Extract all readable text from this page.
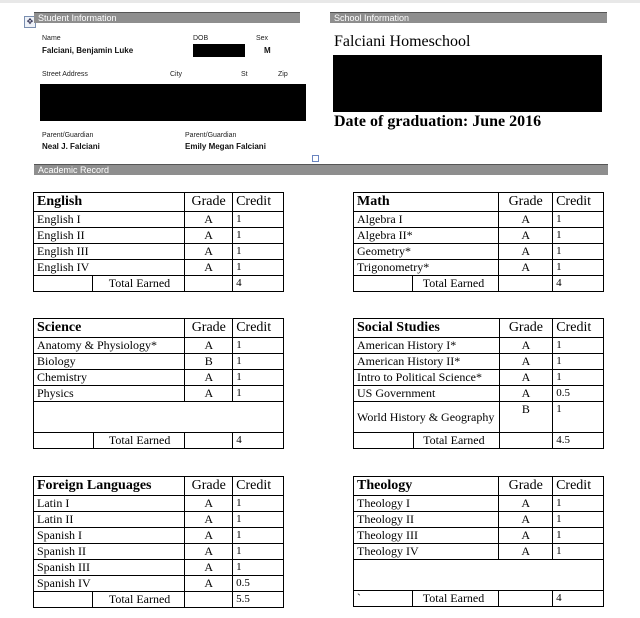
✥ Student Information
Name	DOB	Sex
Falciani, Benjamin Luke	M
Street Address	City	St	Zip
Parent/Guardian	Parent/Guardian
Neal J. Falciani	Emily Megan Falciani
School Information
Falciani Homeschool
Date of graduation: June 2016
Academic Record
English		Grade	Credit
English I		A	1
English II		A	1
English III		A	1
English IV		A	1
	Total Earned		4
Math		Grade	Credit
Algebra I		A	1
Algebra II*		A	1
Geometry*		A	1
Trigonometry*		A	1
	Total Earned		4
Science		Grade	Credit
Anatomy & Physiology*		A	1
Biology		B	1
Chemistry		A	1
Physics		A	1

	Total Earned		4
Social Studies		Grade	Credit
American History I*		A	1
American History II*		A	1
Intro to Political Science*		A	1
US Government		A	0.5
World History & Geography		B	1
	Total Earned		4.5
Foreign Languages		Grade	Credit
Latin I		A	1
Latin II		A	1
Spanish I		A	1
Spanish II		A	1
Spanish III		A	1
Spanish IV		A	0.5
	Total Earned		5.5
Theology		Grade	Credit
Theology I		A	1
Theology II		A	1
Theology III		A	1
Theology IV		A	1

`	Total Earned		4
